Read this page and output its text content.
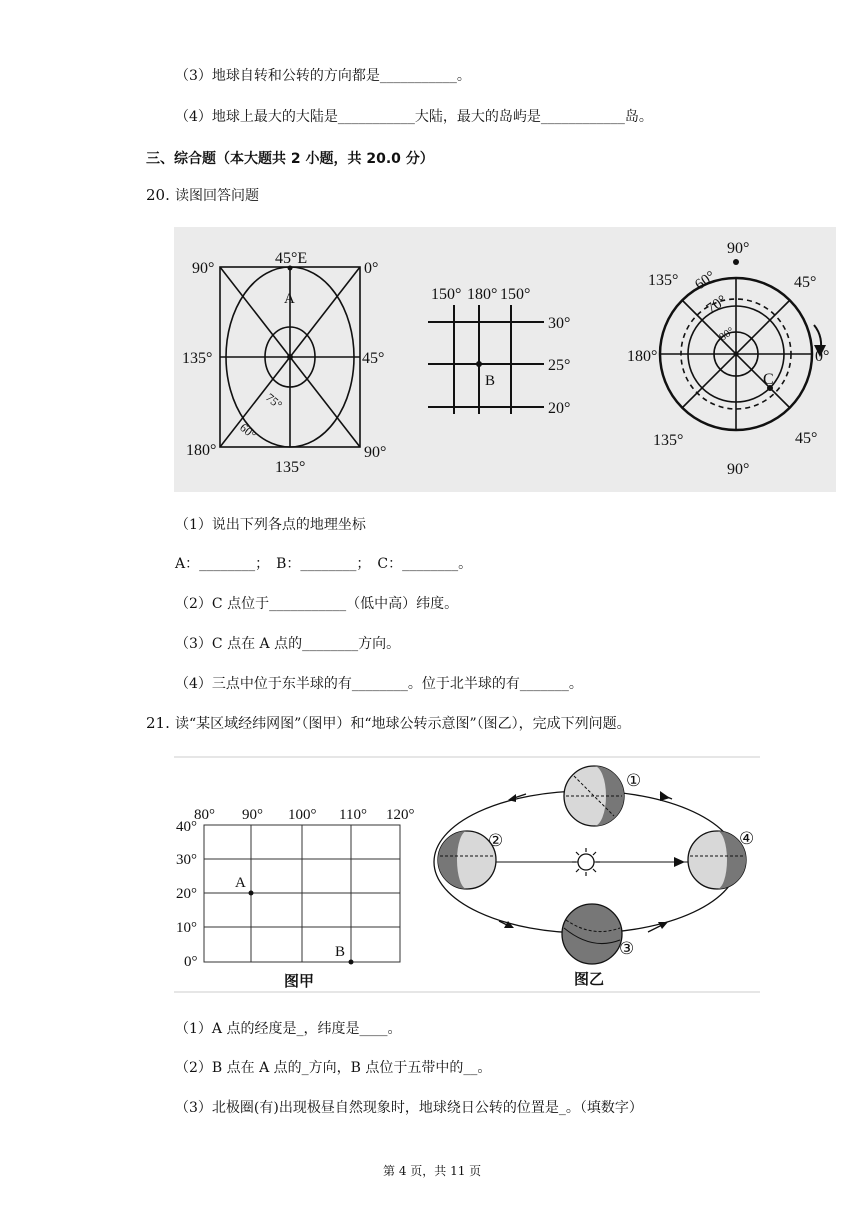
（3）地球自转和公转的方向都是___________。
（4）地球上最大的大陆是___________大陆，最大的岛屿是____________岛。
三、综合题（本大题共 2 小题，共 20.0 分）
20. 读图回答问题
45°E
90°	0°
135°	45°
180°	90°
135°
A
75°
60°
150° 180° 150°
30°
25°
20°
B
90°
135°	45°
180°	0°
135°	45°
90°
60°
70°
80°
C
（1）说出下列各点的地理坐标
A：________；　B：________；　C：________。
（2）C 点位于___________（低中高）纬度。
（3）C 点在 A 点的________方向。
（4）三点中位于东半球的有________。位于北半球的有_______。
21. 读“某区域经纬网图”（图甲）和“地球公转示意图”（图乙），完成下列问题。
80° 90° 100° 110° 120°
40°
30°
20°
10°
0°
A
B
图甲
①
②
③
④
图乙
（1）A 点的经度是_，纬度是____。
（2）B 点在 A 点的_方向，B 点位于五带中的__。
（3）北极圈(有)出现极昼自然现象时，地球绕日公转的位置是_。（填数字）
第 4 页，共 11 页
